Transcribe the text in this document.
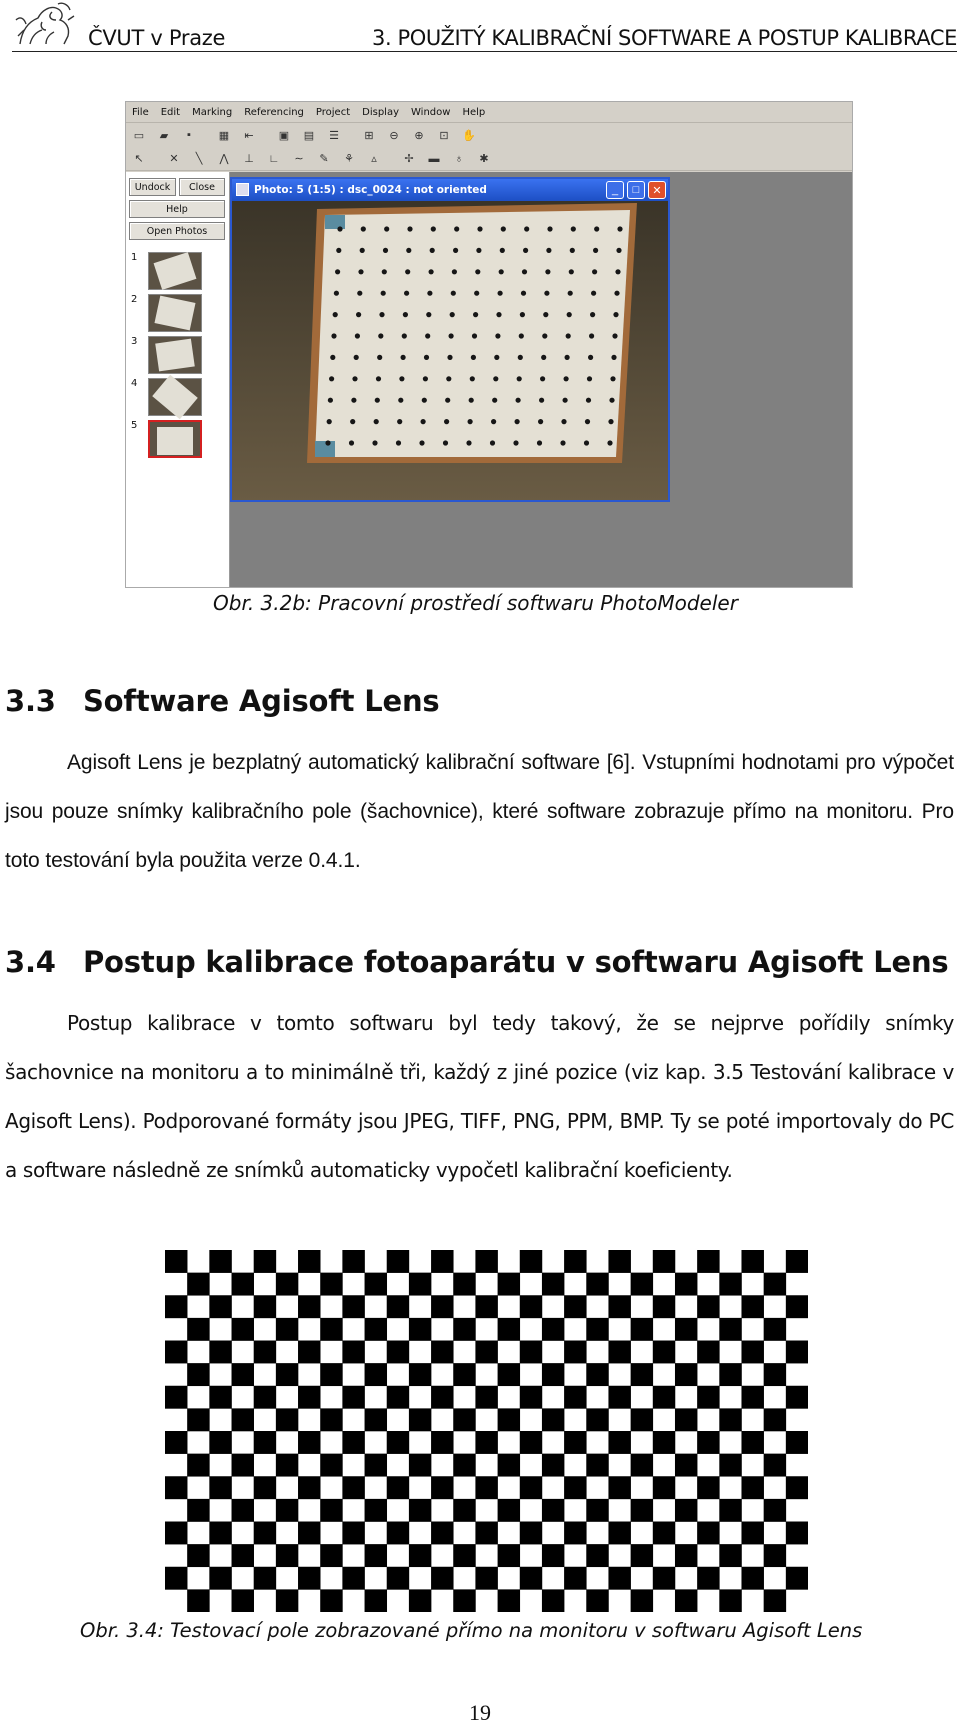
ČVUT v Praze	3. POUŽITÝ KALIBRAČNÍ SOFTWARE A POSTUP KALIBRACE
File	Edit	Marking	Referencing	Project	Display	Window	Help
▭	▰	▪	▦	⇤	▣	▤	☰	⊞	⊖	⊕	⊡	✋
↖	✕	╲	⋀	⊥	∟	∼	✎	⚘	▵	✢	▬	♁	✱
Undock	Close
Help
Open Photos
1
2
3
4
5
Photo: 5 (1:5) : dsc_0024 : not oriented	_	□	✕
Obr. 3.2b: Pracovní prostředí softwaru PhotoModeler
3.3 Software Agisoft Lens
Agisoft Lens je bezplatný automatický kalibrační software [6]. Vstupními hodnotami pro výpočet jsou pouze snímky kalibračního pole (šachovnice), které software zobrazuje přímo na monitoru. Pro toto testování byla použita verze 0.4.1.
3.4 Postup kalibrace fotoaparátu v softwaru Agisoft Lens
Postup kalibrace v tomto softwaru byl tedy takový, že se nejprve pořídily snímky šachovnice na monitoru a to minimálně tři, každý z jiné pozice (viz kap. 3.5 Testování kalibrace v Agisoft Lens). Podporované formáty jsou JPEG, TIFF, PNG, PPM, BMP. Ty se poté importovaly do PC a software následně ze snímků automaticky vypočetl kalibrační koeficienty.
Obr. 3.4: Testovací pole zobrazované přímo na monitoru v softwaru Agisoft Lens
19
